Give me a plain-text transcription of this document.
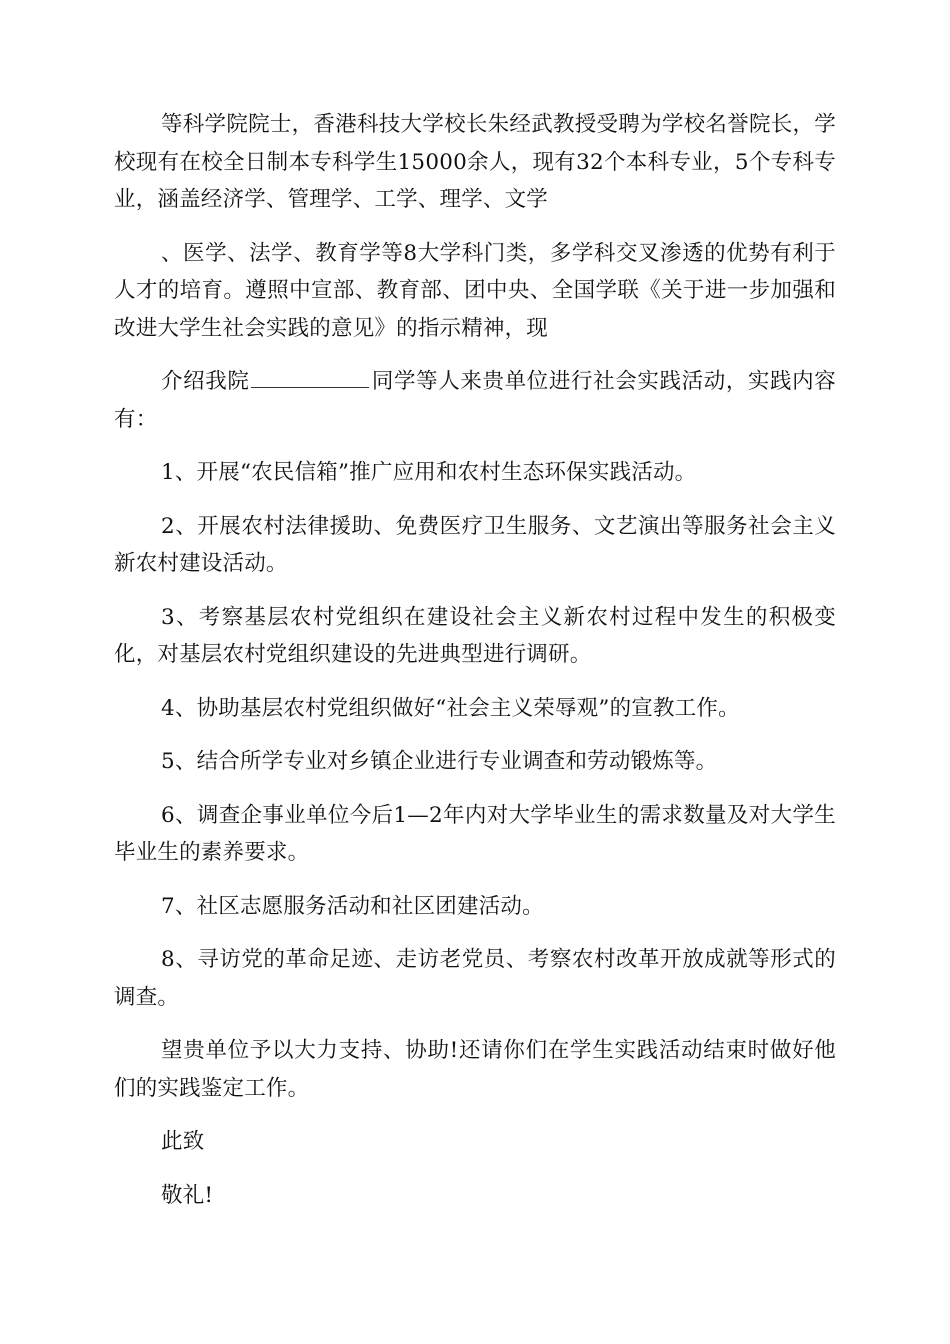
等科学院院士，香港科技大学校长朱经武教授受聘为学校名誉院长，学校现有在校全日制本专科学生15000余人，现有32个本科专业，5个专科专业，涵盖经济学、管理学、工学、理学、文学

、医学、法学、教育学等8大学科门类，多学科交叉渗透的优势有利于人才的培育。遵照中宣部、教育部、团中央、全国学联《关于进一步加强和改进大学生社会实践的意见》的指示精神，现

介绍我院	同学等人来贵单位进行社会实践活动，实践内容有：

1、开展“农民信箱”推广应用和农村生态环保实践活动。

2、开展农村法律援助、免费医疗卫生服务、文艺演出等服务社会主义新农村建设活动。

3、考察基层农村党组织在建设社会主义新农村过程中发生的积极变化，对基层农村党组织建设的先进典型进行调研。

4、协助基层农村党组织做好“社会主义荣辱观”的宣教工作。

5、结合所学专业对乡镇企业进行专业调查和劳动锻炼等。

6、调查企事业单位今后1—2年内对大学毕业生的需求数量及对大学生毕业生的素养要求。

7、社区志愿服务活动和社区团建活动。

8、寻访党的革命足迹、走访老党员、考察农村改革开放成就等形式的调查。

望贵单位予以大力支持、协助!还请你们在学生实践活动结束时做好他们的实践鉴定工作。

此致

敬礼!
